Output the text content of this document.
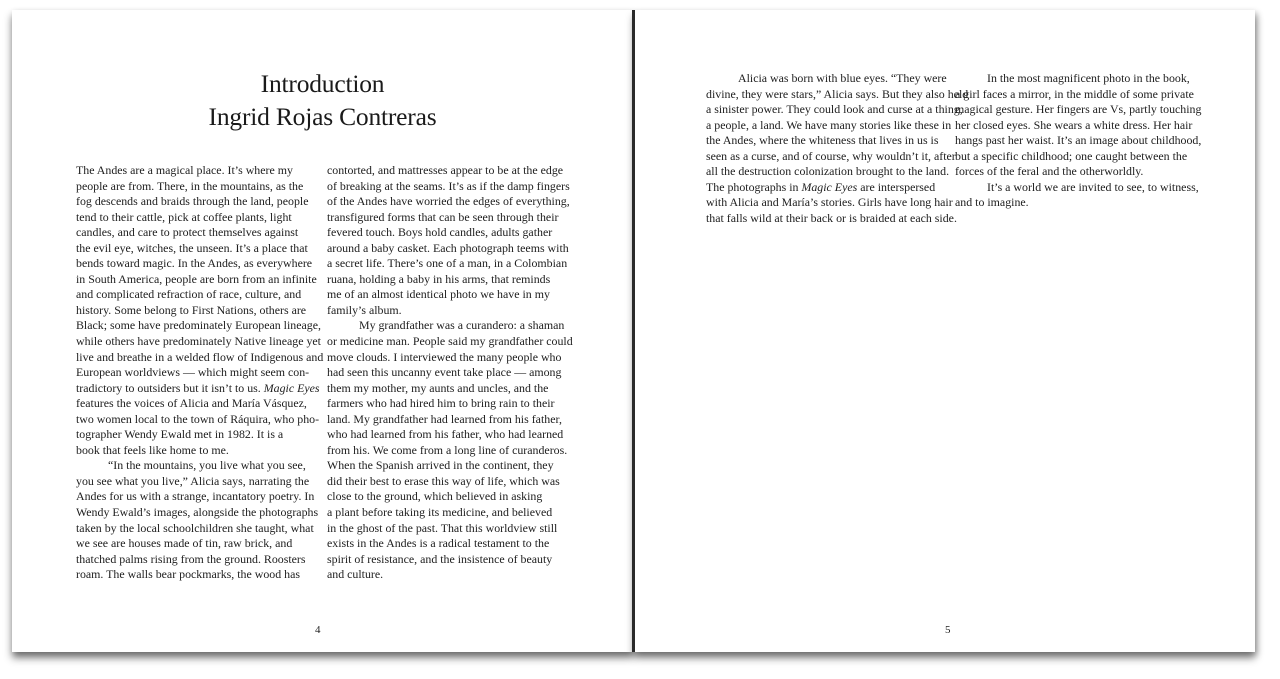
Introduction
Ingrid Rojas Contreras
The Andes are a magical place. It’s where my
people are from. There, in the mountains, as the
fog descends and braids through the land, people
tend to their cattle, pick at coffee plants, light
candles, and care to protect themselves against
the evil eye, witches, the unseen. It’s a place that
bends toward magic. In the Andes, as everywhere
in South America, people are born from an infinite
and complicated refraction of race, culture, and
history. Some belong to First Nations, others are
Black; some have predominately European lineage,
while others have predominately Native lineage yet
live and breathe in a welded flow of Indigenous and
European worldviews — which might seem con-
tradictory to outsiders but it isn’t to us. Magic Eyes
features the voices of Alicia and María Vásquez,
two women local to the town of Ráquira, who pho-
tographer Wendy Ewald met in 1982. It is a
book that feels like home to me.
“In the mountains, you live what you see,
you see what you live,” Alicia says, narrating the
Andes for us with a strange, incantatory poetry. In
Wendy Ewald’s images, alongside the photographs
taken by the local schoolchildren she taught, what
we see are houses made of tin, raw brick, and
thatched palms rising from the ground. Roosters
roam. The walls bear pockmarks, the wood has
contorted, and mattresses appear to be at the edge
of breaking at the seams. It’s as if the damp fingers
of the Andes have worried the edges of everything,
transfigured forms that can be seen through their
fevered touch. Boys hold candles, adults gather
around a baby casket. Each photograph teems with
a secret life. There’s one of a man, in a Colombian
ruana, holding a baby in his arms, that reminds
me of an almost identical photo we have in my
family’s album.
My grandfather was a curandero: a shaman
or medicine man. People said my grandfather could
move clouds. I interviewed the many people who
had seen this uncanny event take place — among
them my mother, my aunts and uncles, and the
farmers who had hired him to bring rain to their
land. My grandfather had learned from his father,
who had learned from his father, who had learned
from his. We come from a long line of curanderos.
When the Spanish arrived in the continent, they
did their best to erase this way of life, which was
close to the ground, which believed in asking
a plant before taking its medicine, and believed
in the ghost of the past. That this worldview still
exists in the Andes is a radical testament to the
spirit of resistance, and the insistence of beauty
and culture.
4
Alicia was born with blue eyes. “They were
divine, they were stars,” Alicia says. But they also held
a sinister power. They could look and curse at a thing,
a people, a land. We have many stories like these in
the Andes, where the whiteness that lives in us is
seen as a curse, and of course, why wouldn’t it, after
all the destruction colonization brought to the land.
The photographs in Magic Eyes are interspersed
with Alicia and María’s stories. Girls have long hair
that falls wild at their back or is braided at each side.
In the most magnificent photo in the book,
a girl faces a mirror, in the middle of some private
magical gesture. Her fingers are Vs, partly touching
her closed eyes. She wears a white dress. Her hair
hangs past her waist. It’s an image about childhood,
but a specific childhood; one caught between the
forces of the feral and the otherworldly.
It’s a world we are invited to see, to witness,
and to imagine.
5
